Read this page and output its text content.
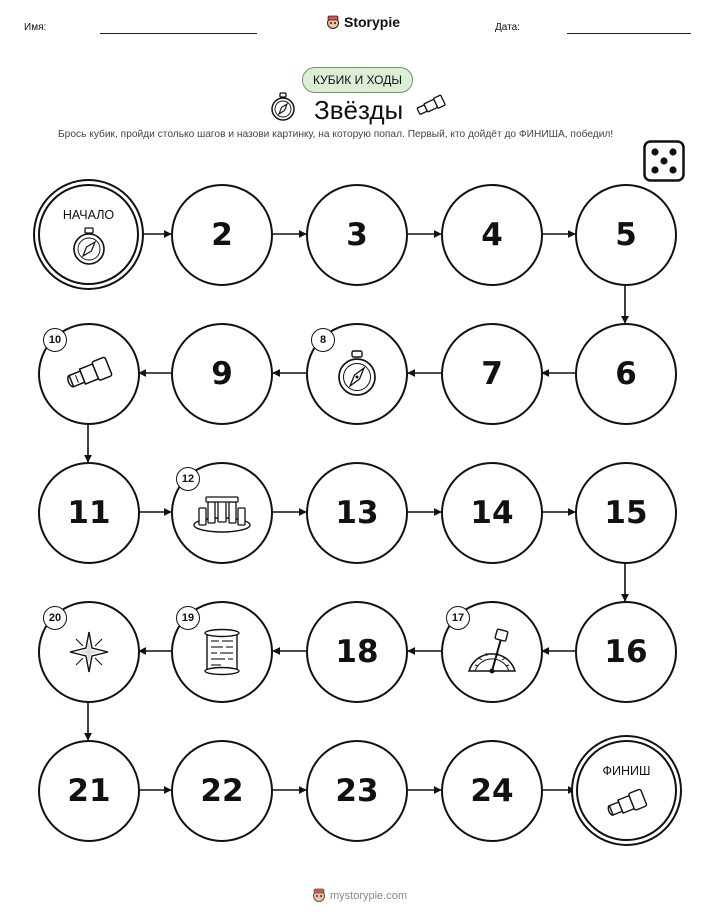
Имя:	Storypie	Дата:
КУБИК И ХОДЫ
Звёзды
Брось кубик, пройди столько шагов и назови картинку, на которую попал. Первый, кто дойдёт до ФИНИША, победил!
НАЧАЛО
2	3	4	5
10
9
8
7	6
11
12
13	14	15
20	19
18
17
16
21	22	23	24
ФИНИШ
mystorypie.com
